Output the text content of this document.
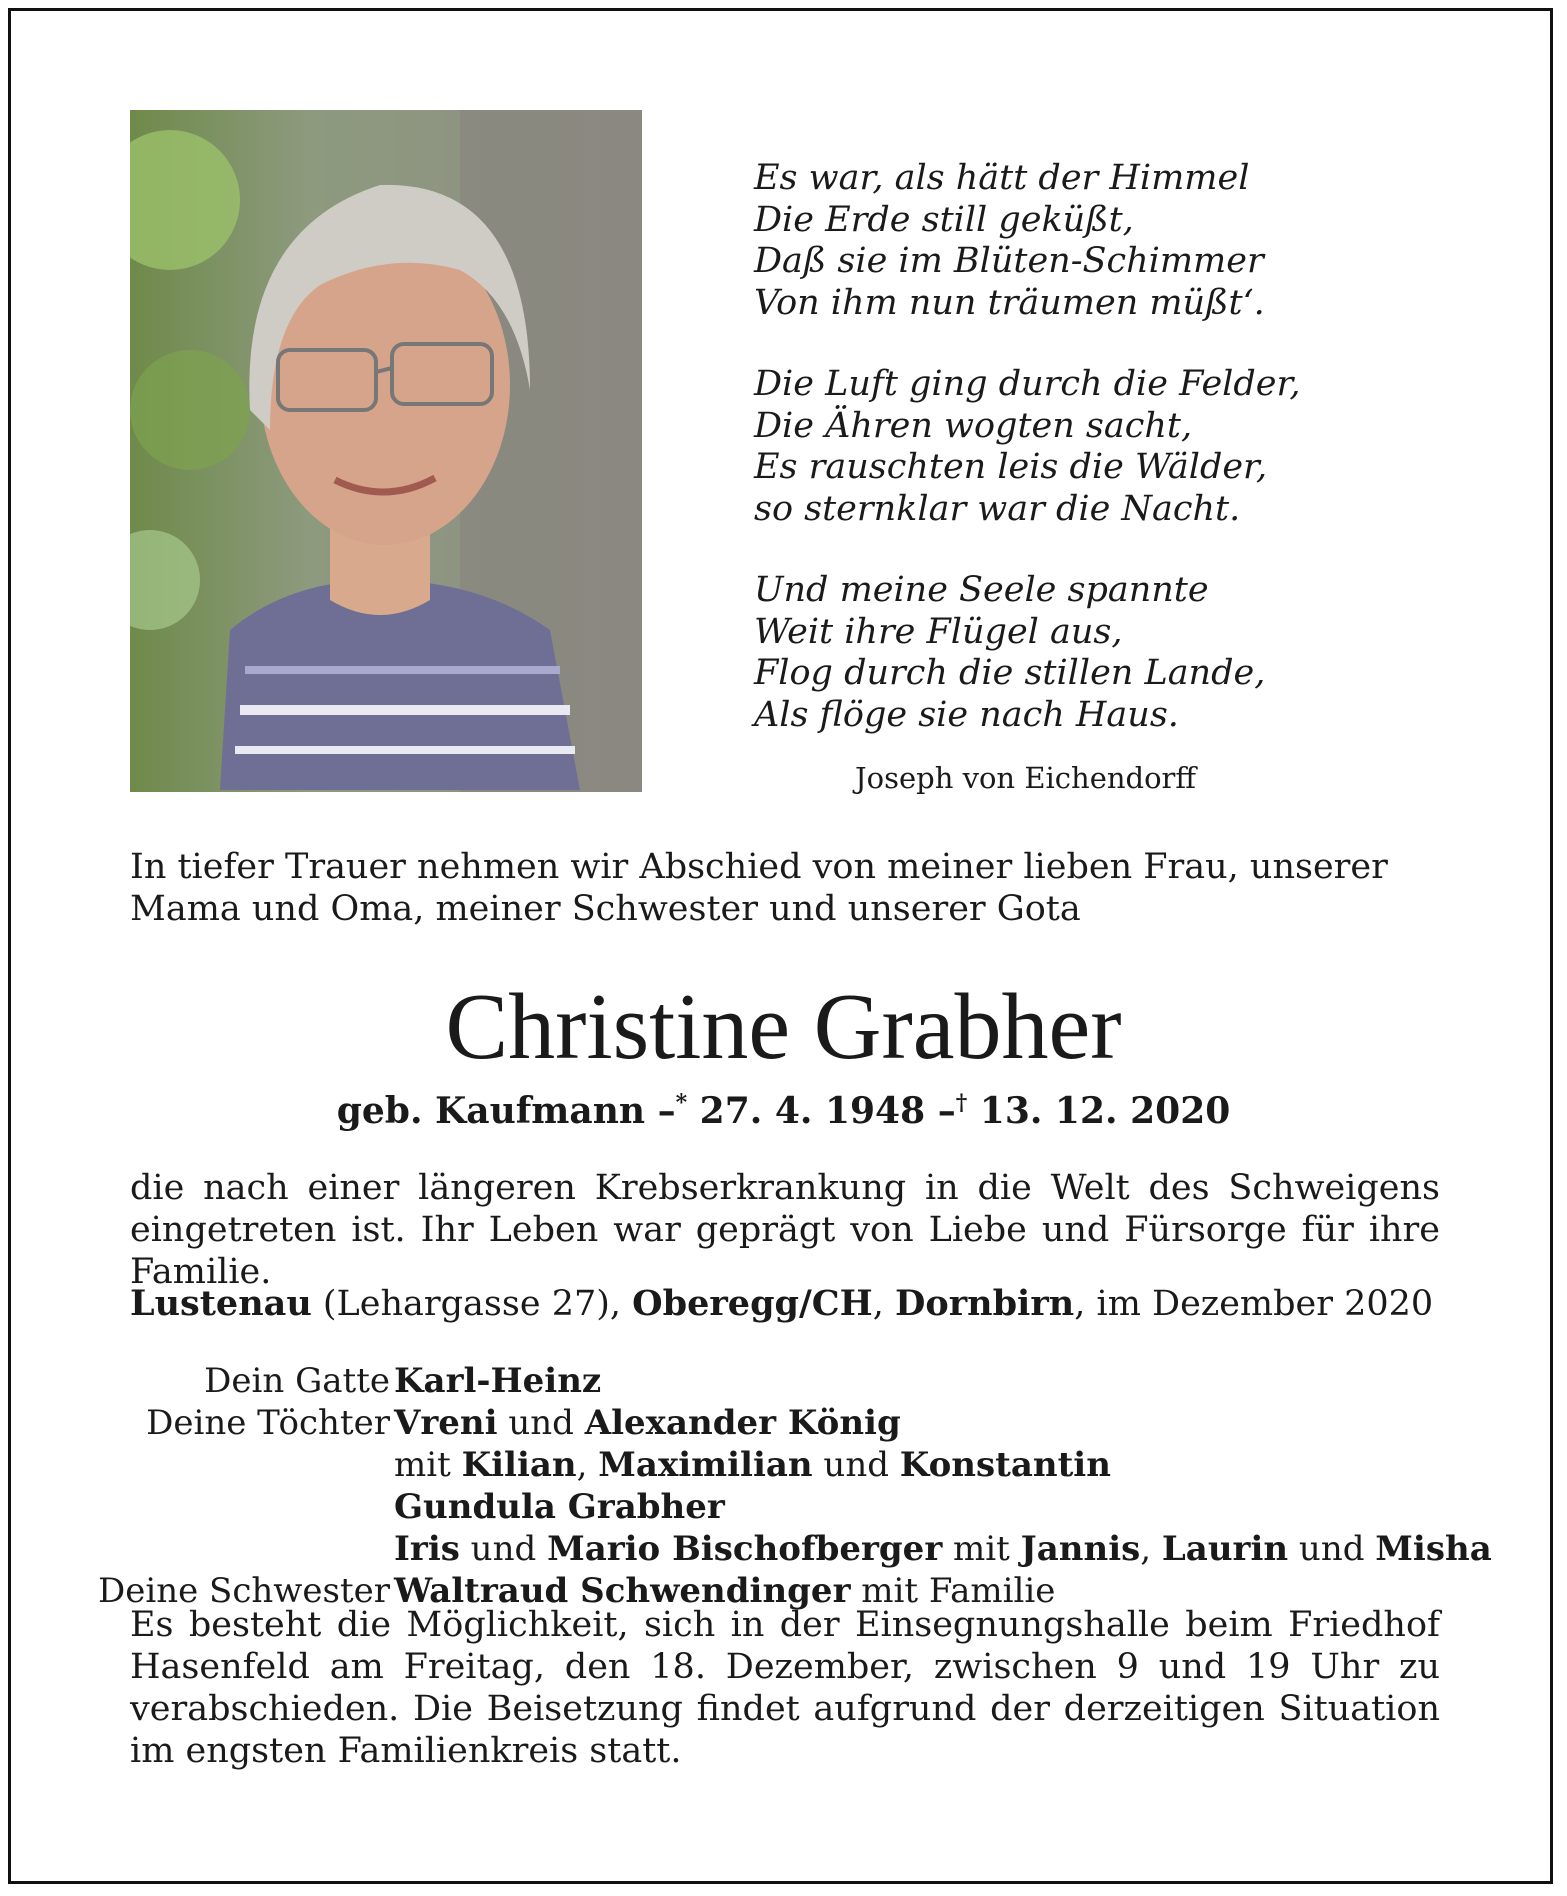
Es war, als hätt der Himmel
Die Erde still geküßt,
Daß sie im Blüten-Schimmer
Von ihm nun träumen müßt‘.
Die Luft ging durch die Felder,
Die Ähren wogten sacht,
Es rauschten leis die Wälder,
so sternklar war die Nacht.
Und meine Seele spannte
Weit ihre Flügel aus,
Flog durch die stillen Lande,
Als flöge sie nach Haus.
Joseph von Eichendorff
In tiefer Trauer nehmen wir Abschied von meiner lieben Frau, unserer Mama und Oma, meiner Schwester und unserer Gota
Christine Grabher
geb. Kaufmann –* 27. 4. 1948 –† 13. 12. 2020
die nach einer längeren Krebserkrankung in die Welt des Schweigens eingetreten ist. Ihr Leben war geprägt von Liebe und Fürsorge für ihre Familie.
Lustenau (Lehargasse 27), Oberegg/CH, Dornbirn, im Dezember 2020
Dein Gatte Karl-Heinz
Deine Töchter Vreni und Alexander König
mit Kilian, Maximilian und Konstantin
Gundula Grabher
Iris und Mario Bischofberger mit Jannis, Laurin und Misha
Deine Schwester Waltraud Schwendinger mit Familie
Es besteht die Möglichkeit, sich in der Einsegnungshalle beim Friedhof Hasenfeld am Freitag, den 18. Dezember, zwischen 9 und 19 Uhr zu verabschieden. Die Beisetzung findet aufgrund der derzeitigen Situation im engsten Familienkreis statt.
